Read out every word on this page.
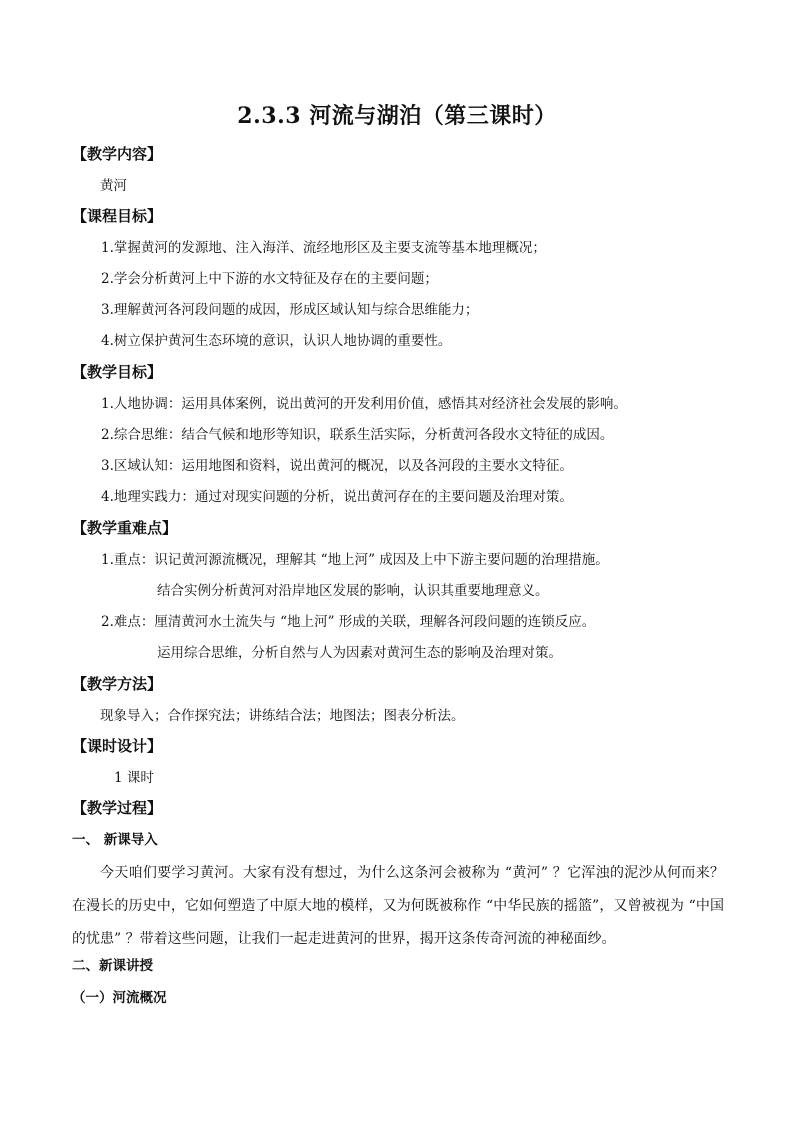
2.3.3 河流与湖泊（第三课时）
【教学内容】
黄河
【课程目标】
1.掌握黄河的发源地、注入海洋、流经地形区及主要支流等基本地理概况；
2.学会分析黄河上中下游的水文特征及存在的主要问题；
3.理解黄河各河段问题的成因，形成区域认知与综合思维能力；
4.树立保护黄河生态环境的意识，认识人地协调的重要性。
【教学目标】
1.人地协调：运用具体案例，说出黄河的开发利用价值，感悟其对经济社会发展的影响。
2.综合思维：结合气候和地形等知识，联系生活实际，分析黄河各段水文特征的成因。
3.区域认知：运用地图和资料，说出黄河的概况，以及各河段的主要水文特征。
4.地理实践力：通过对现实问题的分析，说出黄河存在的主要问题及治理对策。
【教学重难点】
1.重点：识记黄河源流概况，理解其 “地上河” 成因及上中下游主要问题的治理措施。
结合实例分析黄河对沿岸地区发展的影响，认识其重要地理意义。
2.难点：厘清黄河水土流失与 “地上河” 形成的关联，理解各河段问题的连锁反应。
运用综合思维，分析自然与人为因素对黄河生态的影响及治理对策。
【教学方法】
现象导入；合作探究法；讲练结合法；地图法；图表分析法。
【课时设计】
1 课时
【教学过程】
一、 新课导入
今天咱们要学习黄河。大家有没有想过，为什么这条河会被称为 “黄河” ？它浑浊的泥沙从何而来？在漫长的历史中，它如何塑造了中原大地的模样，又为何既被称作 “中华民族的摇篮”，又曾被视为 “中国的忧患” ？带着这些问题，让我们一起走进黄河的世界，揭开这条传奇河流的神秘面纱。
二、新课讲授
（一）河流概况
